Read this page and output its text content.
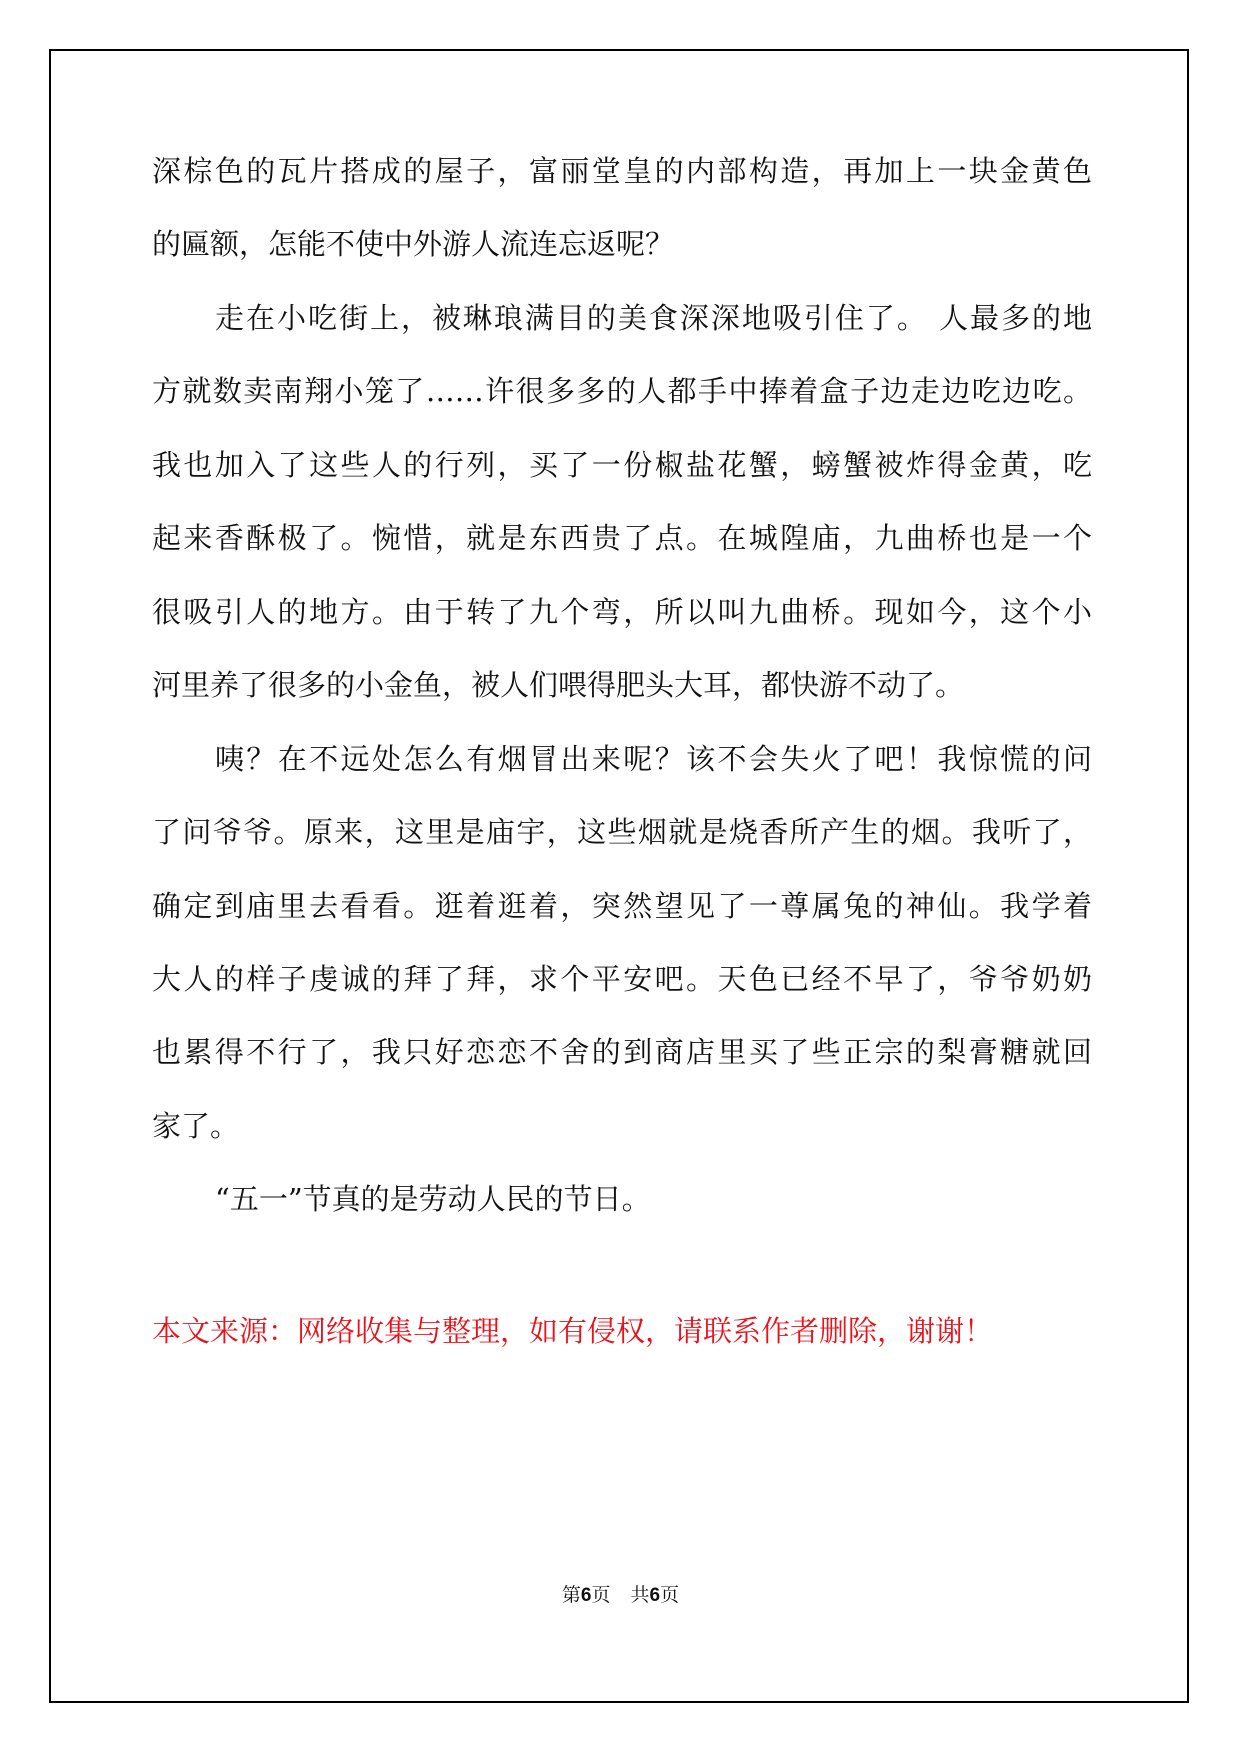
深棕色的瓦片搭成的屋子，富丽堂皇的内部构造，再加上一块金黄色
的匾额，怎能不使中外游人流连忘返呢？
走在小吃街上，被琳琅满目的美食深深地吸引住了。 人最多的地
方就数卖南翔小笼了……许很多多的人都手中捧着盒子边走边吃边吃。
我也加入了这些人的行列，买了一份椒盐花蟹，螃蟹被炸得金黄，吃
起来香酥极了。惋惜，就是东西贵了点。在城隍庙，九曲桥也是一个
很吸引人的地方。由于转了九个弯，所以叫九曲桥。现如今，这个小
河里养了很多的小金鱼，被人们喂得肥头大耳，都快游不动了。
咦？在不远处怎么有烟冒出来呢？该不会失火了吧！我惊慌的问
了问爷爷。原来，这里是庙宇，这些烟就是烧香所产生的烟。我听了，
确定到庙里去看看。逛着逛着，突然望见了一尊属兔的神仙。我学着
大人的样子虔诚的拜了拜，求个平安吧。天色已经不早了，爷爷奶奶
也累得不行了，我只好恋恋不舍的到商店里买了些正宗的梨膏糖就回
家了。
“五一”节真的是劳动人民的节日。
本文来源：网络收集与整理，如有侵权，请联系作者删除，谢谢！
第6页 共6页
